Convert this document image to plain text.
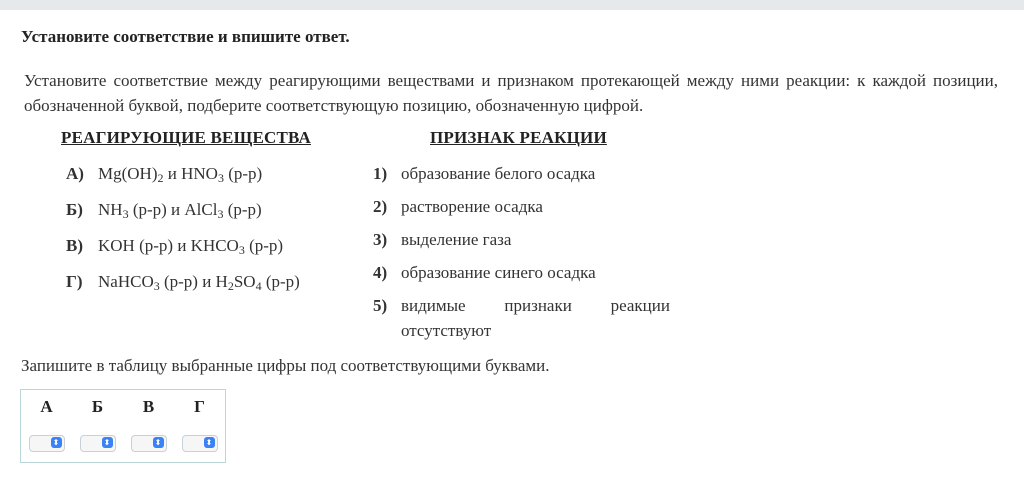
Установите соответствие и впишите ответ.
Установите соответствие между реагирующими веществами и признаком протекающей между ними реакции: к каждой позиции, обозначенной буквой, подберите соответствующую позицию, обозначенную цифрой.
РЕАГИРУЮЩИЕ ВЕЩЕСТВА	ПРИЗНАК РЕАКЦИИ
А) $Mg(OH)_2$ и $HNO_3$ (р-р)
Б) $NH_3$ (р-р) и AlCl$_3$ (р-р)
В) KOH (р-р) и $KHCO_3$ (р-р)
Г) NaHCO$_3$ (р-р) и $H_2SO_4$ (р-р)
1) образование белого осадка
2) растворение осадка
3) выделение газа
4) образование синего осадка
5) видимые признаки реакции
отсутствуют
Запишите в таблицу выбранные цифры под соответствующими буквами.
А	Б	В	Г

⬍	⬍	⬍	⬍
